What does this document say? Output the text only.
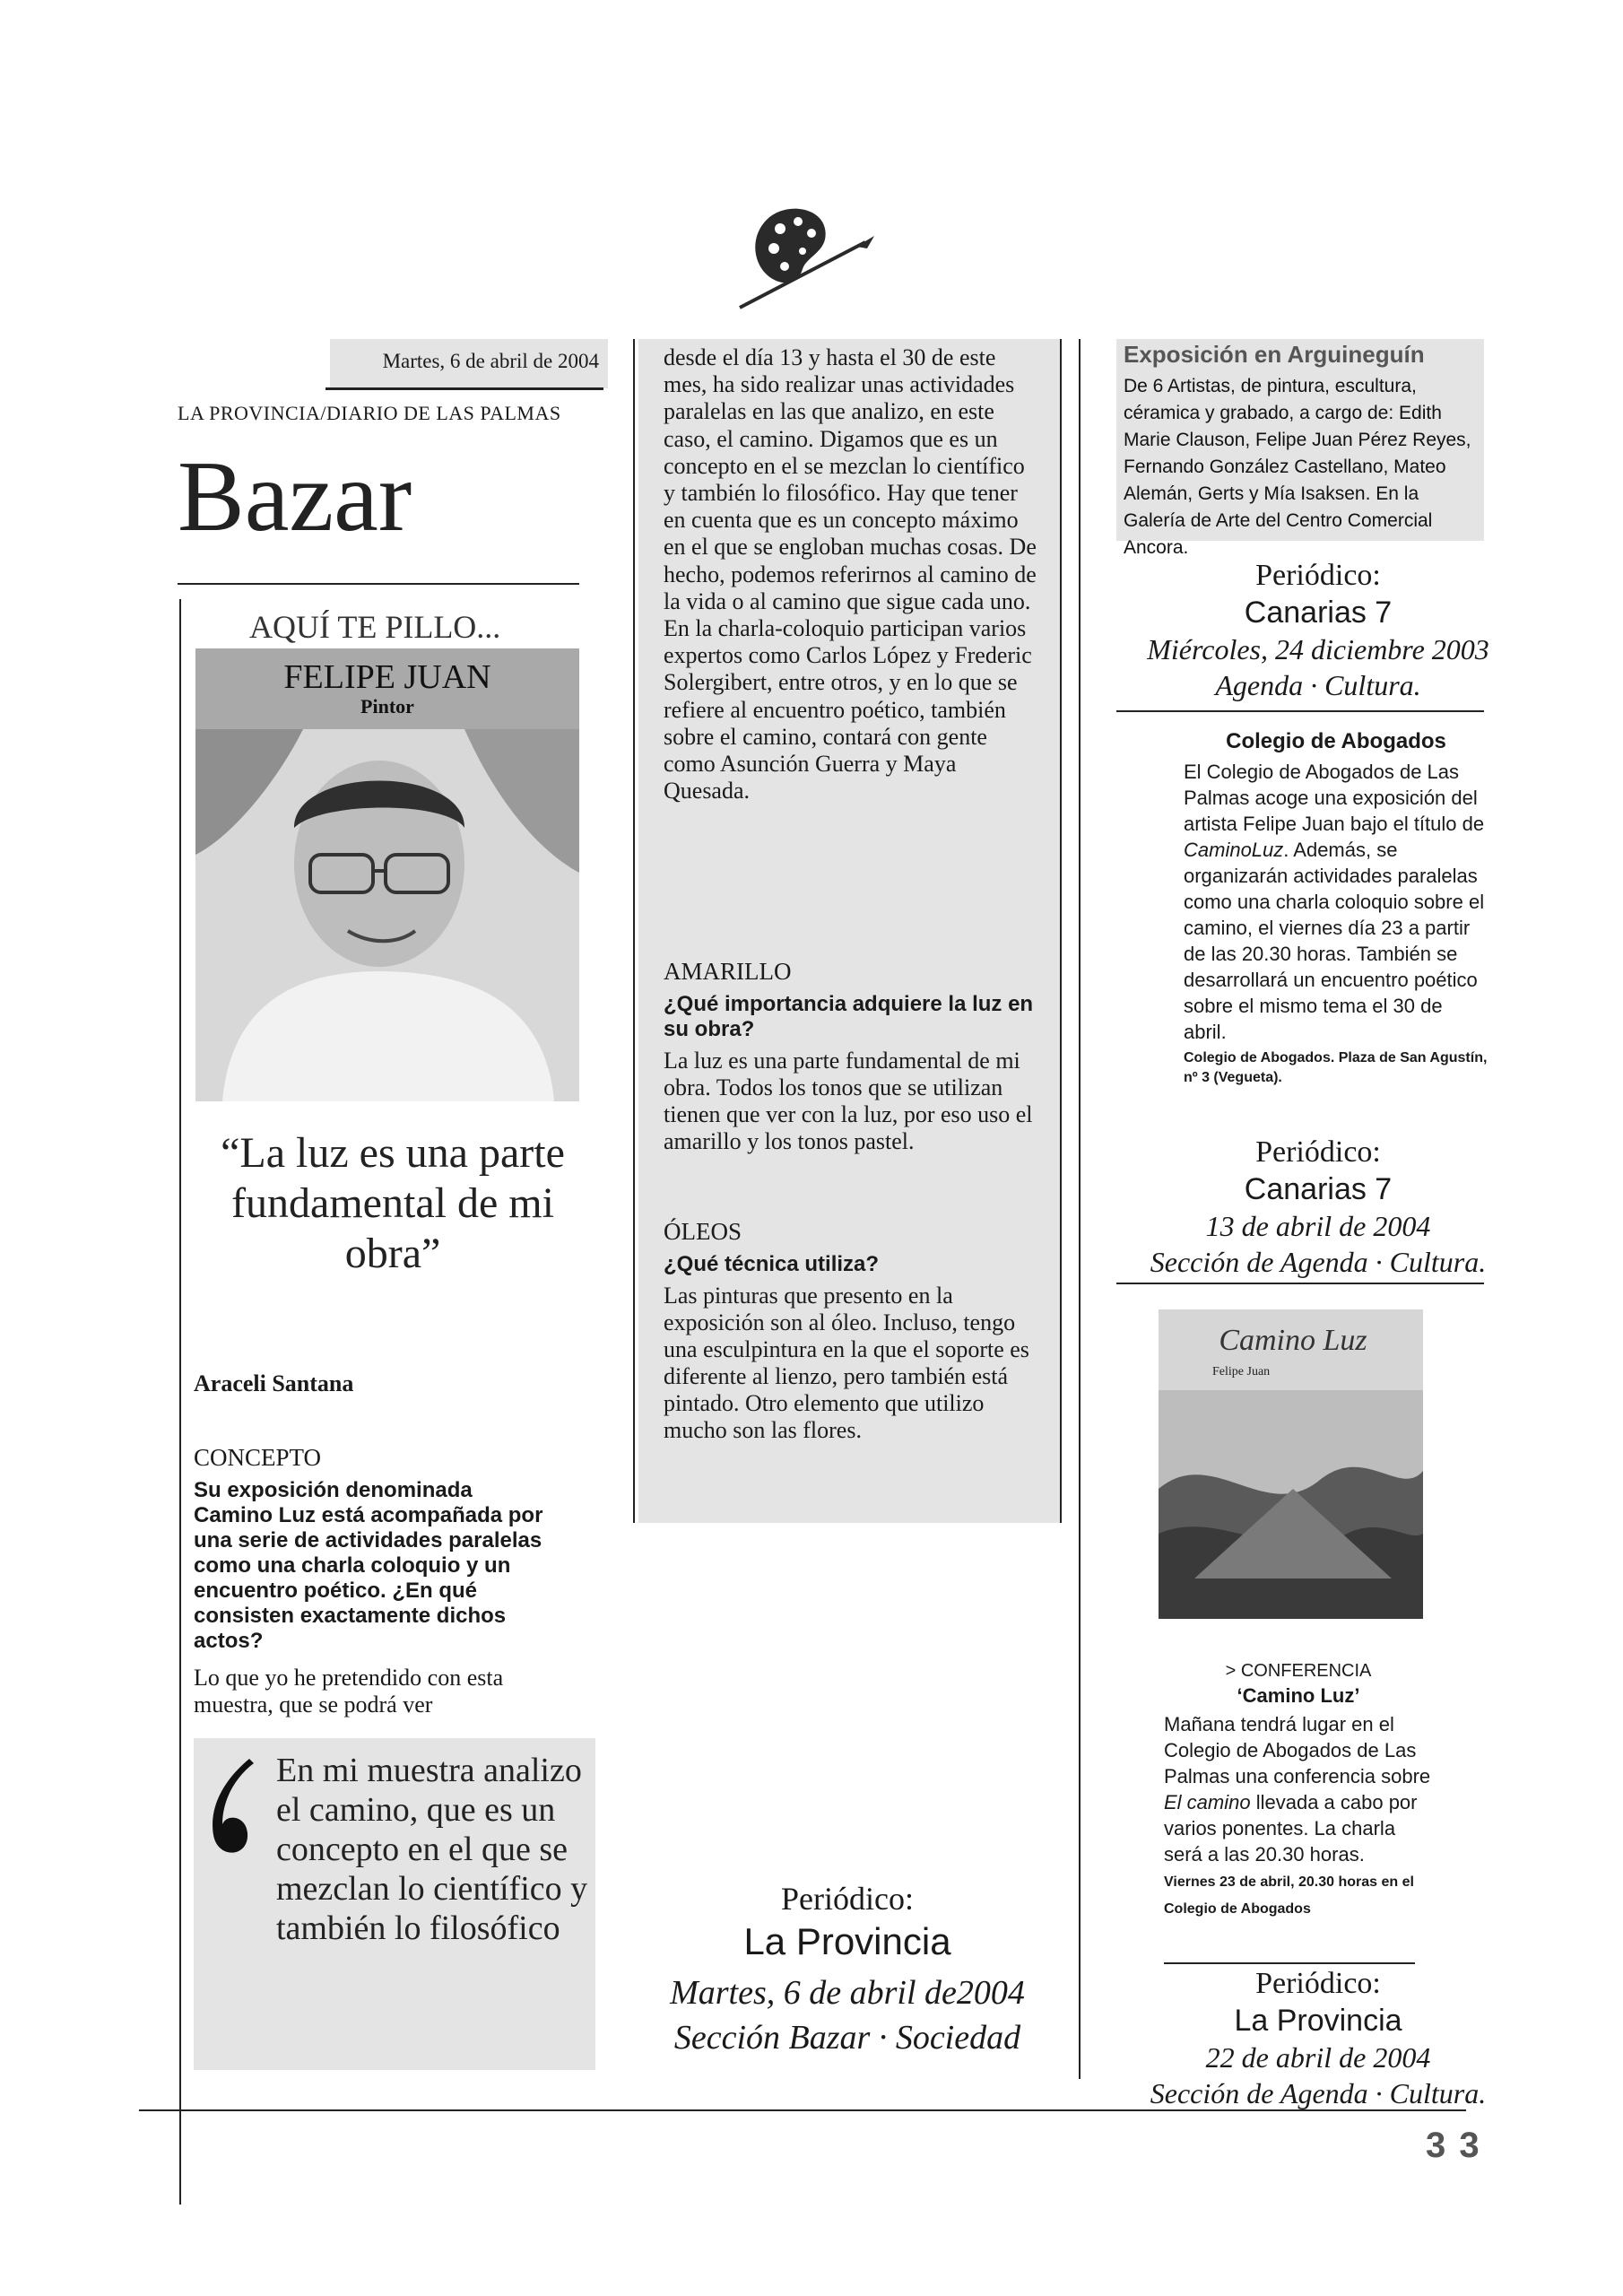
Martes, 6 de abril de 2004
LA PROVINCIA/DIARIO DE LAS PALMAS
Bazar
AQUÍ TE PILLO...
FELIPE JUAN
Pintor
“La luz es una parte fundamental de mi obra”
Araceli Santana
CONCEPTO
Su exposición denominada Camino Luz está acompañada por una serie de actividades paralelas como una charla coloquio y un encuentro poético. ¿En qué consisten exactamente dichos actos?
Lo que yo he pretendido con esta muestra, que se podrá ver
En mi muestra analizo el camino, que es un concepto en el que se mezclan lo científico y también lo filosófico
desde el día 13 y hasta el 30 de este mes, ha sido realizar unas actividades paralelas en las que analizo, en este caso, el camino. Digamos que es un concepto en el se mezclan lo científico y también lo filosófico. Hay que tener en cuenta que es un concepto máximo en el que se engloban muchas cosas. De hecho, podemos referirnos al camino de la vida o al camino que sigue cada uno. En la charla-coloquio participan varios expertos como Carlos López y Frederic Solergibert, entre otros, y en lo que se refiere al encuentro poético, también sobre el camino, contará con gente como Asunción Guerra y Maya Quesada.
AMARILLO
¿Qué importancia adquiere la luz en su obra?
La luz es una parte fundamental de mi obra. Todos los tonos que se utilizan tienen que ver con la luz, por eso uso el amarillo y los tonos pastel.
ÓLEOS
¿Qué técnica utiliza?
Las pinturas que presento en la exposición son al óleo. Incluso, tengo una esculpintura en la que el soporte es diferente al lienzo, pero también está pintado. Otro elemento que utilizo mucho son las flores.
Periódico:
La Provincia
Martes, 6 de abril de2004
Sección Bazar · Sociedad
Exposición en Arguineguín
De 6 Artistas, de pintura, escultura, céramica y grabado, a cargo de: Edith Marie Clauson, Felipe Juan Pérez Reyes, Fernando González Castellano, Mateo Alemán, Gerts y Mía Isaksen. En la Galería de Arte del Centro Comercial Ancora.
Periódico:
Canarias 7
Miércoles, 24 diciembre 2003
Agenda · Cultura.
Colegio de Abogados
El Colegio de Abogados de Las Palmas acoge una exposición del artista Felipe Juan bajo el título de CaminoLuz. Además, se organizarán actividades paralelas como una charla coloquio sobre el camino, el viernes día 23 a partir de las 20.30 horas. También se desarrollará un encuentro poético sobre el mismo tema el 30 de abril.
Colegio de Abogados. Plaza de San Agustín, nº 3 (Vegueta).
Periódico:
Canarias 7
13 de abril de 2004
Sección de Agenda · Cultura.
Camino Luz
Felipe Juan
> CONFERENCIA
‘Camino Luz’
Mañana tendrá lugar en el Colegio de Abogados de Las Palmas una conferencia sobre El camino llevada a cabo por varios ponentes. La charla será a las 20.30 horas.
Viernes 23 de abril, 20.30 horas en el Colegio de Abogados
Periódico:
La Provincia
22 de abril de 2004
Sección de Agenda · Cultura.
3 3
